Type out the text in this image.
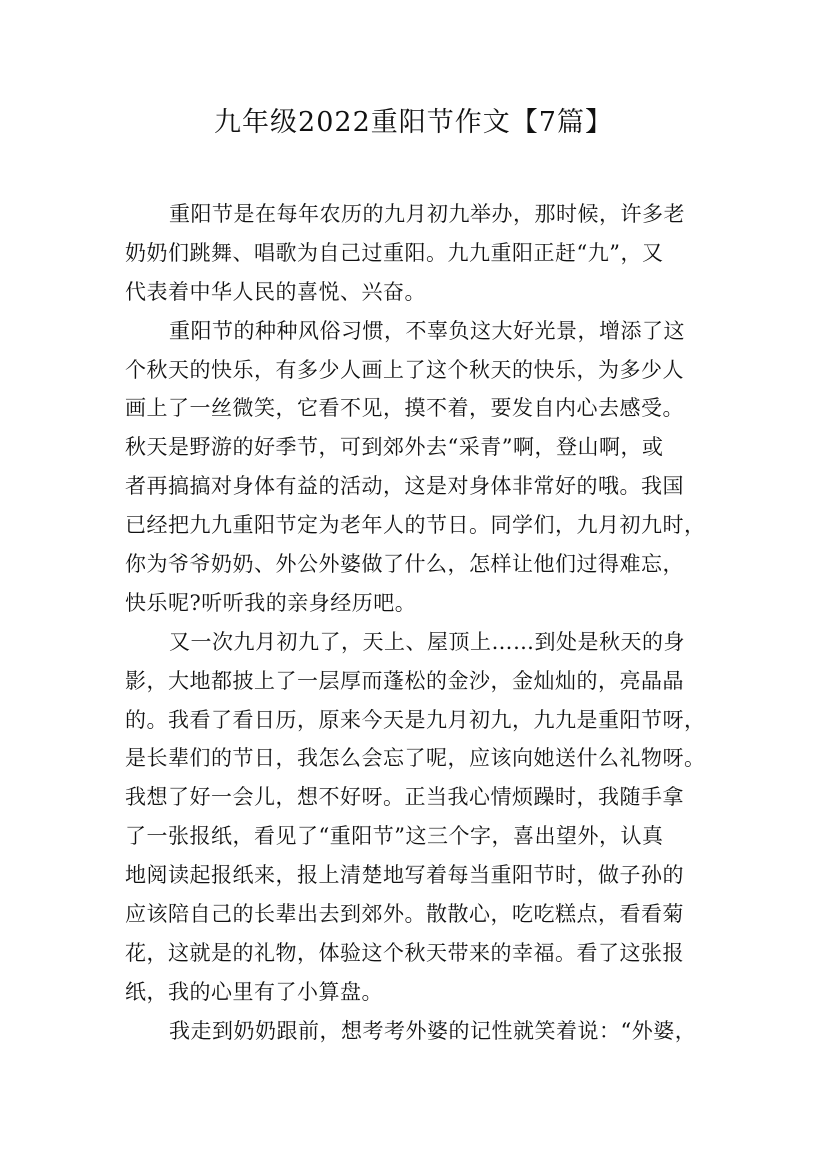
九年级2022重阳节作文【7篇】
重阳节是在每年农历的九月初九举办，那时候，许多老
奶奶们跳舞、唱歌为自己过重阳。九九重阳正赶“九”，又
代表着中华人民的喜悦、兴奋。
重阳节的种种风俗习惯，不辜负这大好光景，增添了这
个秋天的快乐，有多少人画上了这个秋天的快乐，为多少人
画上了一丝微笑，它看不见，摸不着，要发自内心去感受。
秋天是野游的好季节，可到郊外去“采青”啊，登山啊，或
者再搞搞对身体有益的活动，这是对身体非常好的哦。我国
已经把九九重阳节定为老年人的节日。同学们，九月初九时，
你为爷爷奶奶、外公外婆做了什么，怎样让他们过得难忘，
快乐呢?听听我的亲身经历吧。
又一次九月初九了，天上、屋顶上……到处是秋天的身
影，大地都披上了一层厚而蓬松的金沙，金灿灿的，亮晶晶
的。我看了看日历，原来今天是九月初九，九九是重阳节呀，
是长辈们的节日，我怎么会忘了呢，应该向她送什么礼物呀。
我想了好一会儿，想不好呀。正当我心情烦躁时，我随手拿
了一张报纸，看见了“重阳节”这三个字，喜出望外，认真
地阅读起报纸来，报上清楚地写着每当重阳节时，做子孙的
应该陪自己的长辈出去到郊外。散散心，吃吃糕点，看看菊
花，这就是的礼物，体验这个秋天带来的幸福。看了这张报
纸，我的心里有了小算盘。
我走到奶奶跟前，想考考外婆的记性就笑着说：“外婆，
